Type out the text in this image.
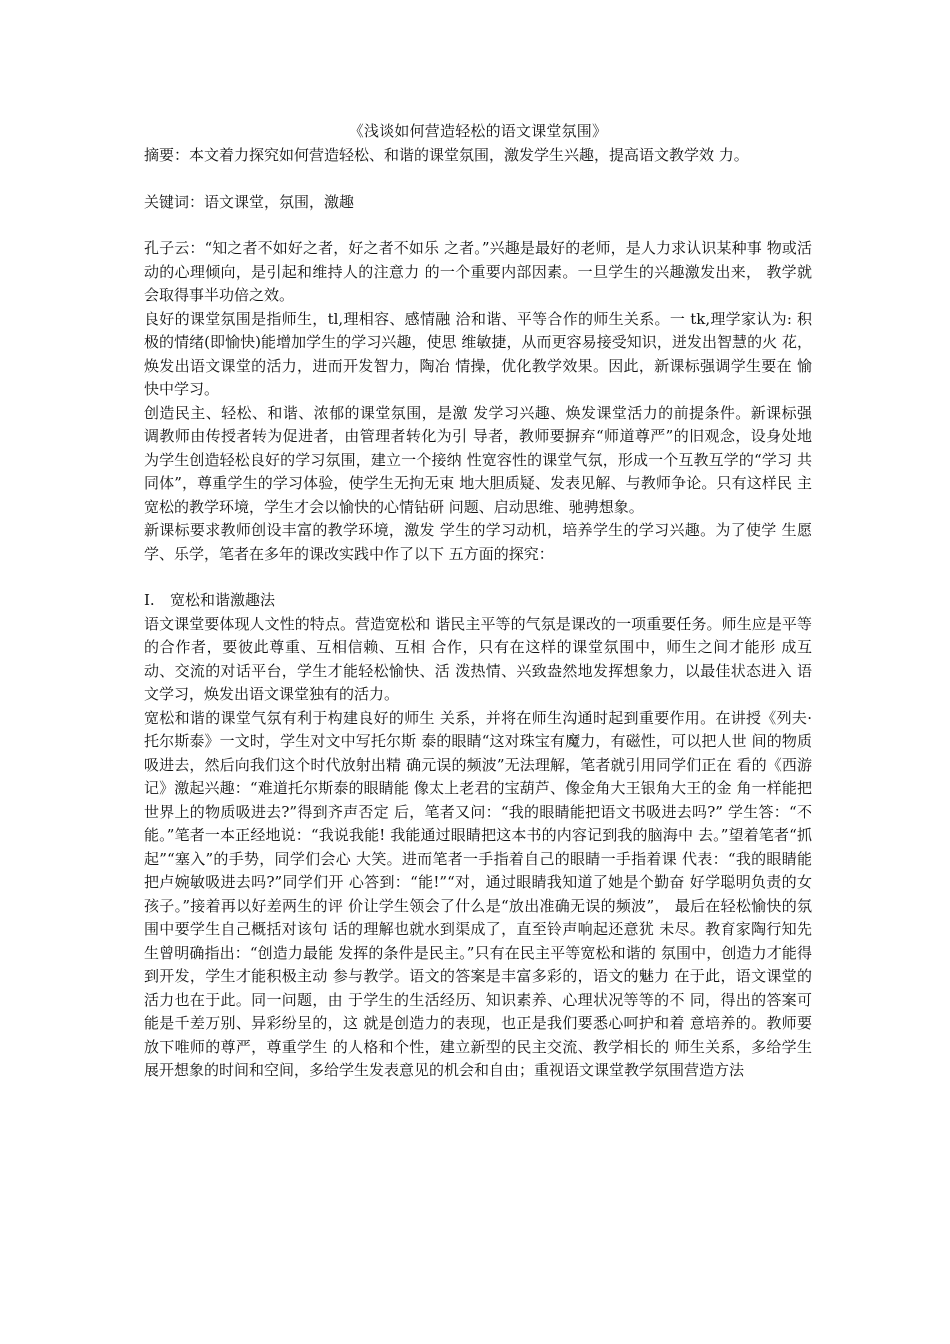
《浅谈如何营造轻松的语文课堂氛围》

摘要：本文着力探究如何营造轻松、和谐的课堂氛围，激发学生兴趣，提高语文教学效 力。

关键词：语文课堂，氛围，激趣

孔子云：“知之者不如好之者，好之者不如乐 之者。”兴趣是最好的老师，是人力求认识某种事 物或活动的心理倾向，是引起和维持人的注意力 的一个重要内部因素。一旦学生的兴趣激发出来， 教学就会取得事半功倍之效。

良好的课堂氛围是指师生，tl,理相容、感情融 洽和谐、平等合作的师生关系。一 tk,理学家认为: 积 极的情绪(即愉快)能增加学生的学习兴趣，使思 维敏捷，从而更容易接受知识，迸发出智慧的火 花，焕发出语文课堂的活力，进而开发智力，陶冶 情操，优化教学效果。因此，新课标强调学生要在 愉快中学习。

创造民主、轻松、和谐、浓郁的课堂氛围，是激 发学习兴趣、焕发课堂活力的前提条件。新课标强 调教师由传授者转为促进者，由管理者转化为引 导者，教师要摒弃“师道尊严”的旧观念，设身处地 为学生创造轻松良好的学习氛围，建立一个接纳 性宽容性的课堂气氛，形成一个互教互学的“学习 共同体”，尊重学生的学习体验，使学生无拘无束 地大胆质疑、发表见解、与教师争论。只有这样民 主宽松的教学环境，学生才会以愉快的心情钻研 问题、启动思维、驰骋想象。

新课标要求教师创设丰富的教学环境，激发 学生的学习动机，培养学生的学习兴趣。为了使学 生愿学、乐学，笔者在多年的课改实践中作了以下 五方面的探究：

I. 宽松和谐激趣法

语文课堂要体现人文性的特点。营造宽松和 谐民主平等的气氛是课改的一项重要任务。师生应是平等的合作者，要彼此尊重、互相信赖、互相 合作，只有在这样的课堂氛围中，师生之间才能形 成互动、交流的对话平台，学生才能轻松愉快、活 泼热情、兴致盎然地发挥想象力，以最佳状态进入 语文学习，焕发出语文课堂独有的活力。

宽松和谐的课堂气氛有利于构建良好的师生 关系，并将在师生沟通时起到重要作用。在讲授《列夫·托尔斯泰》一文时，学生对文中写托尔斯 泰的眼睛“这对珠宝有魔力，有磁性，可以把人世 间的物质吸进去，然后向我们这个时代放射出精 确元误的频波”无法理解，笔者就引用同学们正在 看的《西游记》激起兴趣：“难道托尔斯泰的眼睛能 像太上老君的宝葫芦、像金角大王银角大王的金 角一样能把世界上的物质吸进去?”得到齐声否定 后，笔者又问：“我的眼睛能把语文书吸进去吗?” 学生答：“不能。”笔者一本正经地说：“我说我能! 我能通过眼睛把这本书的内容记到我的脑海中 去。”望着笔者“抓起”“塞入”的手势，同学们会心 大笑。进而笔者一手指着自己的眼睛一手指着课 代表：“我的眼睛能把卢婉敏吸进去吗?”同学们开 心答到：“能!”“对，通过眼睛我知道了她是个勤奋 好学聪明负责的女孩子。”接着再以好差两生的评 价让学生领会了什么是“放出准确无误的频波”， 最后在轻松愉快的氛围中要学生自己概括对该句 话的理解也就水到渠成了，直至铃声响起还意犹 未尽。教育家陶行知先生曾明确指出：“创造力最能 发挥的条件是民主。”只有在民主平等宽松和谐的 氛围中，创造力才能得到开发，学生才能积极主动 参与教学。语文的答案是丰富多彩的，语文的魅力 在于此，语文课堂的活力也在于此。同一问题，由 于学生的生活经历、知识素养、心理状况等等的不 同，得出的答案可能是千差万别、异彩纷呈的，这 就是创造力的表现，也正是我们要悉心呵护和着 意培养的。教师要放下唯师的尊严，尊重学生 的人格和个性，建立新型的民主交流、教学相长的 师生关系，多给学生展开想象的时间和空间，多给学生发表意见的机会和自由；重视语文课堂教学氛围营造方法
